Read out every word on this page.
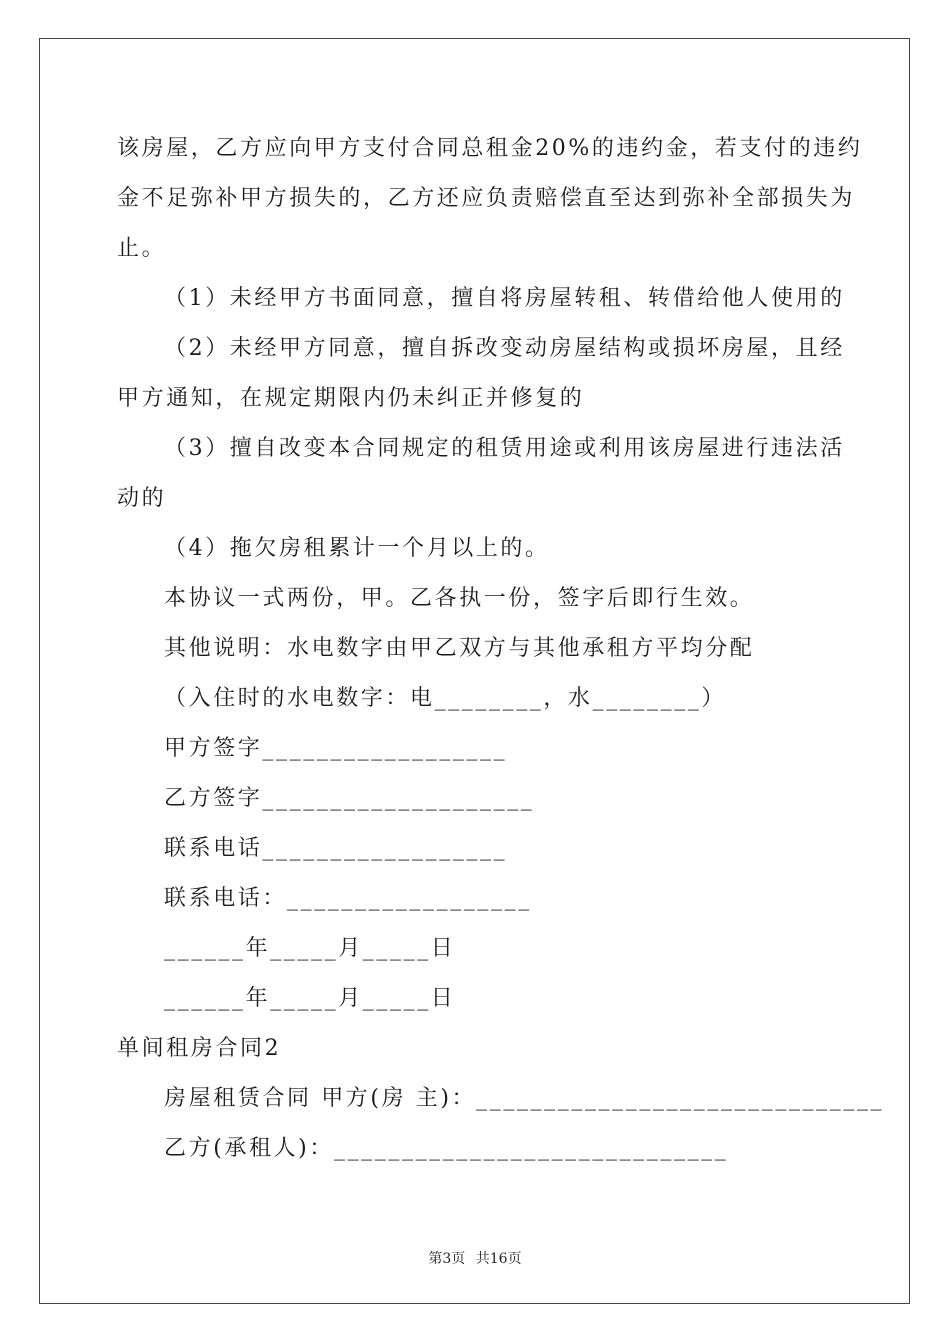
该房屋，乙方应向甲方支付合同总租金20%的违约金，若支付的违约
金不足弥补甲方损失的，乙方还应负责赔偿直至达到弥补全部损失为
止。
（1）未经甲方书面同意，擅自将房屋转租、转借给他人使用的
（2）未经甲方同意，擅自拆改变动房屋结构或损坏房屋，且经
甲方通知，在规定期限内仍未纠正并修复的
（3）擅自改变本合同规定的租赁用途或利用该房屋进行违法活
动的
（4）拖欠房租累计一个月以上的。
本协议一式两份，甲。乙各执一份，签字后即行生效。
其他说明：水电数字由甲乙双方与其他承租方平均分配
（入住时的水电数字：电________，水________）
甲方签字__________________
乙方签字____________________
联系电话__________________
联系电话：__________________
______年_____月_____日
______年_____月_____日
单间租房合同2
房屋租赁合同 甲方(房 主)：______________________________
乙方(承租人)：_____________________________
第3页 共16页
